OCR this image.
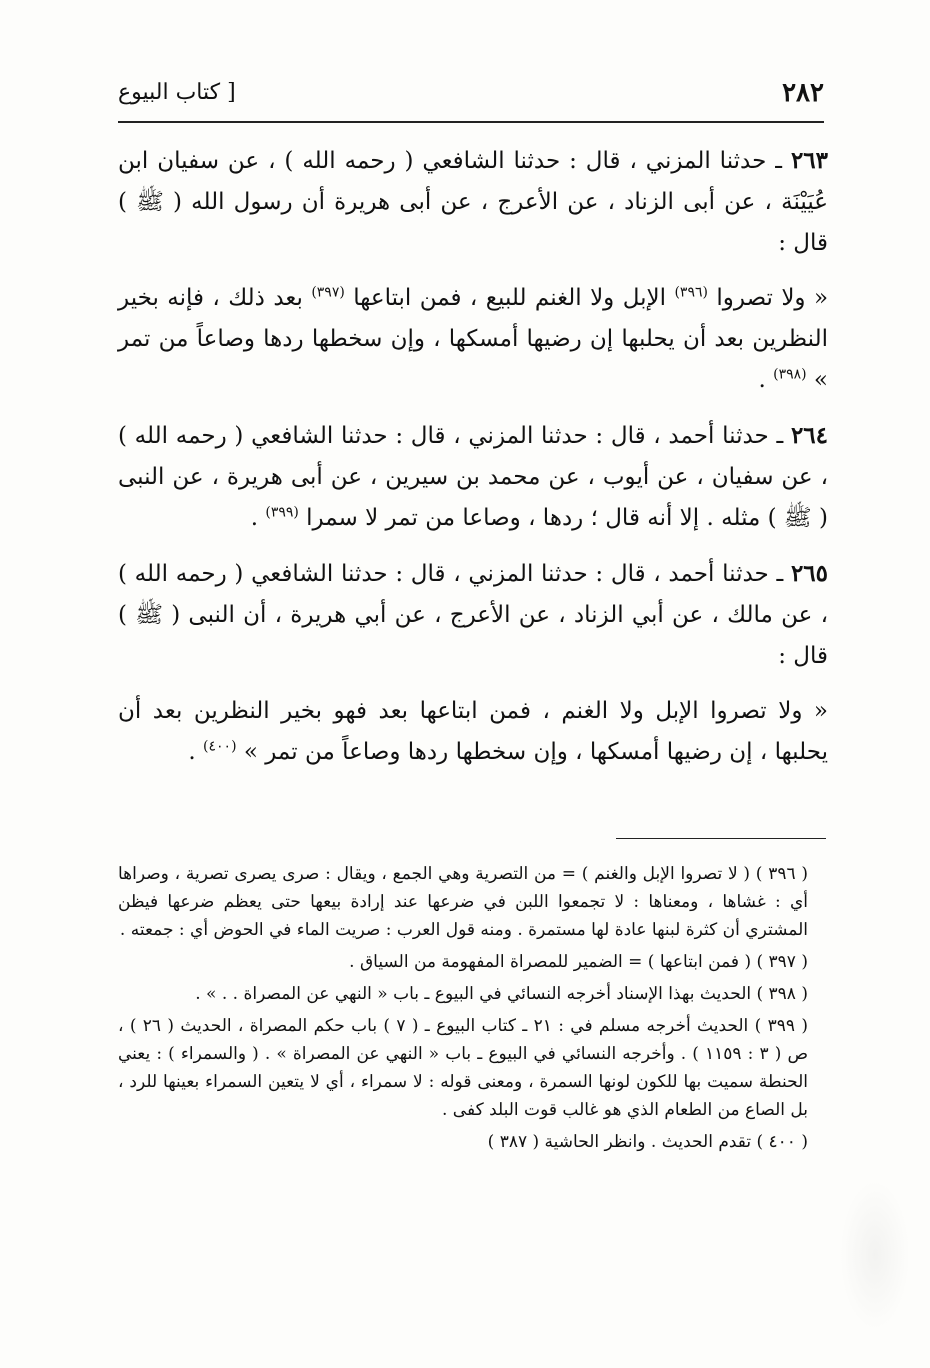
٢٨٢
[ كتاب البيوع

٢٦٣ ـ حدثنا المزني ، قال : حدثنا الشافعي ( رحمه الله ) ، عن سفيان ابن عُيَيْنَة ، عن أبى الزناد ، عن الأعرج ، عن أبى هريرة أن رسول الله ( ﷺ ) قال :

« ولا تصروا $^{(٣٩٦)}$ الإبل ولا الغنم للبيع ، فمن ابتاعها $^{(٣٩٧)}$ بعد ذلك ، فإنه بخير النظرين بعد أن يحلبها إن رضيها أمسكها ، وإن سخطها ردها وصاعاً من تمر » $^{(٣٩٨)}$ .

٢٦٤ ـ حدثنا أحمد ، قال : حدثنا المزني ، قال : حدثنا الشافعي ( رحمه الله ) ، عن سفيان ، عن أيوب ، عن محمد بن سيرين ، عن أبى هريرة ، عن النبى ( ﷺ ) مثله . إلا أنه قال ؛ ردها ، وصاعا من تمر لا سمرا $^{(٣٩٩)}$ .

٢٦٥ ـ حدثنا أحمد ، قال : حدثنا المزني ، قال : حدثنا الشافعي ( رحمه الله ) ، عن مالك ، عن أبي الزناد ، عن الأعرج ، عن أبي هريرة ، أن النبى ( ﷺ ) قال :

« ولا تصروا الإبل ولا الغنم ، فمن ابتاعها بعد فهو بخير النظرين بعد أن يحلبها ، إن رضيها أمسكها ، وإن سخطها ردها وصاعاً من تمر » $^{(٤٠٠)}$ .

( ٣٩٦ ) ( لا تصروا الإبل والغنم ) = من التصرية وهي الجمع ، ويقال : صرى يصرى تصرية ، وصراها أي : غشاها ، ومعناها : لا تجمعوا اللبن في ضرعها عند إرادة بيعها حتى يعظم ضرعها فيظن المشتري أن كثرة لبنها عادة لها مستمرة . ومنه قول العرب : صريت الماء في الحوض أي : جمعته .

( ٣٩٧ ) ( فمن ابتاعها ) = الضمير للمصراة المفهومة من السياق .

( ٣٩٨ ) الحديث بهذا الإسناد أخرجه النسائي في البيوع ـ باب « النهي عن المصراة . . » .

( ٣٩٩ ) الحديث أخرجه مسلم في : ٢١ ـ كتاب البيوع ـ ( ٧ ) باب حكم المصراة ، الحديث ( ٢٦ ) ، ص ( ٣ : ١١٥٩ ) . وأخرجه النسائي في البيوع ـ باب « النهي عن المصراة » . ( والسمراء ) : يعني الحنطة سميت بها للكون لونها السمرة ، ومعنى قوله : لا سمراء ، أي لا يتعين السمراء بعينها للرد ، بل الصاع من الطعام الذي هو غالب قوت البلد كفى .

( ٤٠٠ ) تقدم الحديث . وانظر الحاشية ( ٣٨٧ )
